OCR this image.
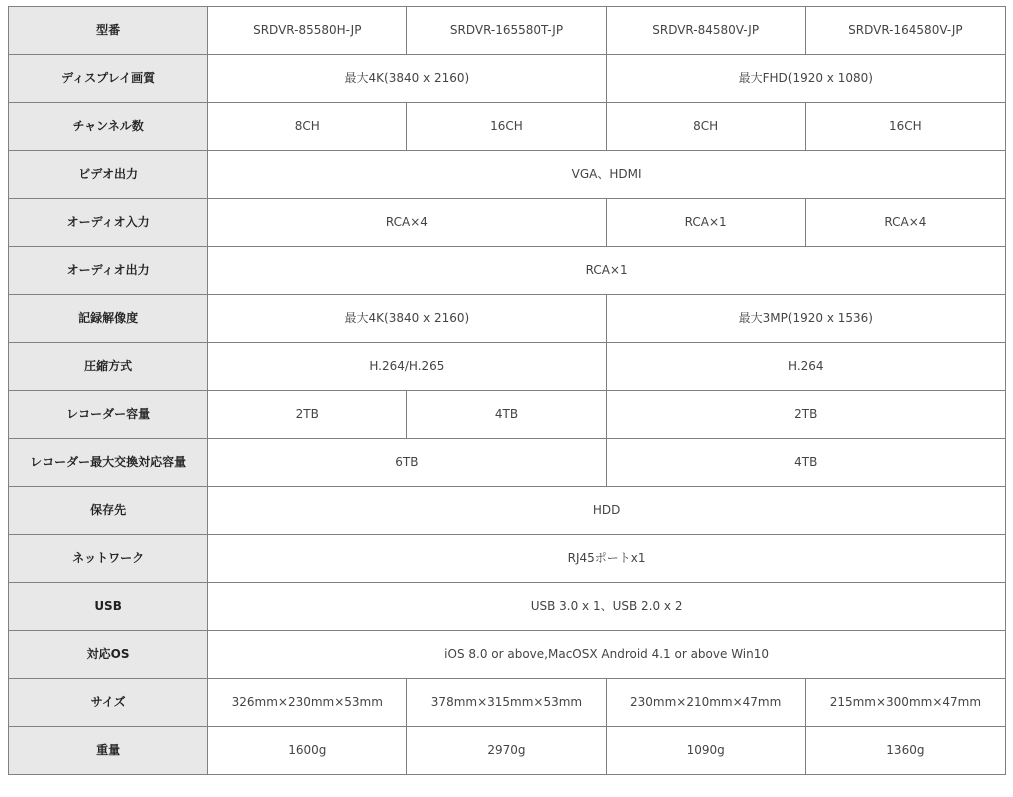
型番	SRDVR-85580H-JP	SRDVR-165580T-JP	SRDVR-84580V-JP	SRDVR-164580V-JP
ディスプレイ画質	最大4K(3840 x 2160)		最大FHD(1920 x 1080)	
チャンネル数	8CH	16CH	8CH	16CH
ビデオ出力	VGA、HDMI			
オーディオ入力	RCA×4		RCA×1	RCA×4
オーディオ出力	RCA×1			
記録解像度	最大4K(3840 x 2160)		最大3MP(1920 x 1536)	
圧縮方式	H.264/H.265		H.264	
レコーダー容量	2TB	4TB	2TB	
レコーダー最大交換対応容量	6TB		4TB	
保存先	HDD			
ネットワーク	RJ45ポートx1			
USB	USB 3.0 x 1、USB 2.0 x 2			
対応OS	iOS 8.0 or above,MacOSX Android 4.1 or above Win10			
サイズ	326mm×230mm×53mm	378mm×315mm×53mm	230mm×210mm×47mm	215mm×300mm×47mm
重量	1600g	2970g	1090g	1360g
